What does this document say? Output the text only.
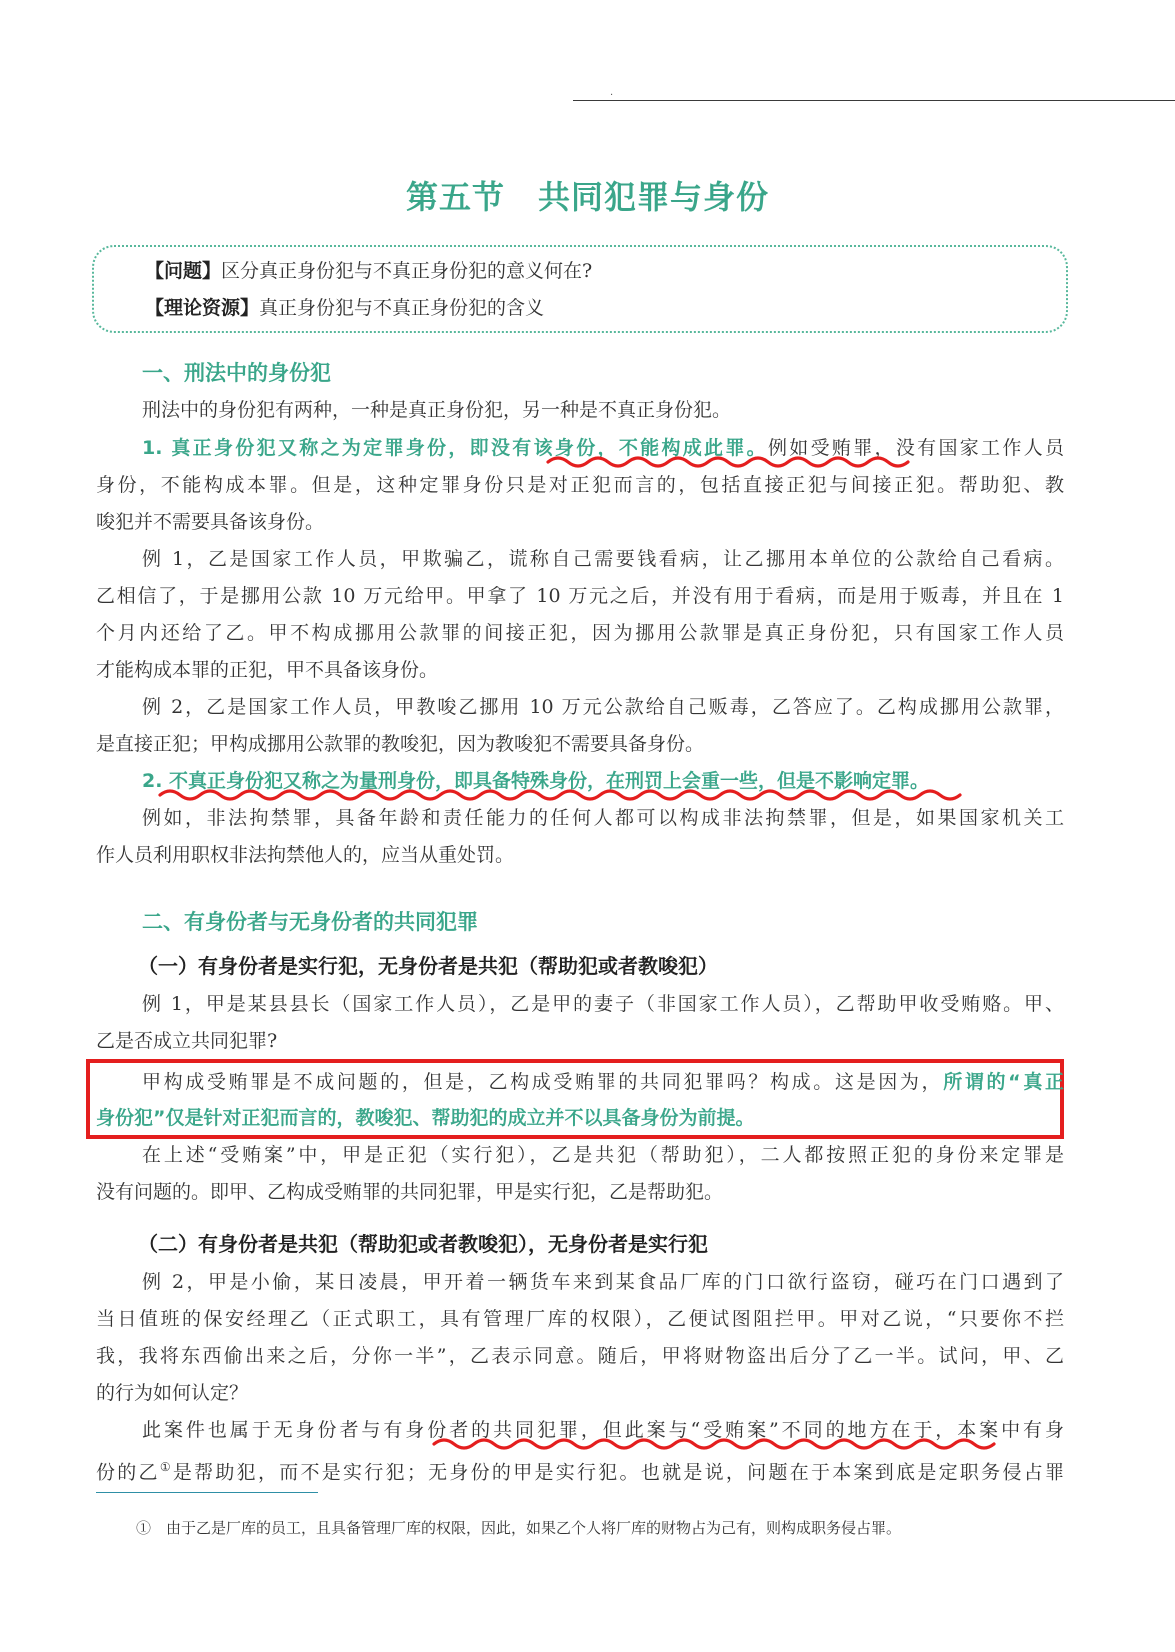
·
第五节　共同犯罪与身份
【问题】区分真正身份犯与不真正身份犯的意义何在?
【理论资源】真正身份犯与不真正身份犯的含义
一、刑法中的身份犯
刑法中的身份犯有两种，一种是真正身份犯，另一种是不真正身份犯。
1. 真正身份犯又称之为定罪身份，即没有该身份，不能构成此罪。例如受贿罪，没有国家工作人员
身份，不能构成本罪。但是，这种定罪身份只是对正犯而言的，包括直接正犯与间接正犯。帮助犯、教
唆犯并不需要具备该身份。
例 1，乙是国家工作人员，甲欺骗乙，谎称自己需要钱看病，让乙挪用本单位的公款给自己看病。
乙相信了，于是挪用公款 10 万元给甲。甲拿了 10 万元之后，并没有用于看病，而是用于贩毒，并且在 1
个月内还给了乙。甲不构成挪用公款罪的间接正犯，因为挪用公款罪是真正身份犯，只有国家工作人员
才能构成本罪的正犯，甲不具备该身份。
例 2，乙是国家工作人员，甲教唆乙挪用 10 万元公款给自己贩毒，乙答应了。乙构成挪用公款罪，
是直接正犯；甲构成挪用公款罪的教唆犯，因为教唆犯不需要具备身份。
2. 不真正身份犯又称之为量刑身份，即具备特殊身份，在刑罚上会重一些，但是不影响定罪。
例如，非法拘禁罪，具备年龄和责任能力的任何人都可以构成非法拘禁罪，但是，如果国家机关工
作人员利用职权非法拘禁他人的，应当从重处罚。
二、有身份者与无身份者的共同犯罪
（一）有身份者是实行犯，无身份者是共犯（帮助犯或者教唆犯）
例 1，甲是某县县长（国家工作人员），乙是甲的妻子（非国家工作人员），乙帮助甲收受贿赂。甲、
乙是否成立共同犯罪?
甲构成受贿罪是不成问题的，但是，乙构成受贿罪的共同犯罪吗？构成。这是因为，所谓的“真正
身份犯”仅是针对正犯而言的，教唆犯、帮助犯的成立并不以具备身份为前提。
在上述“受贿案”中，甲是正犯（实行犯），乙是共犯（帮助犯），二人都按照正犯的身份来定罪是
没有问题的。即甲、乙构成受贿罪的共同犯罪，甲是实行犯，乙是帮助犯。
（二）有身份者是共犯（帮助犯或者教唆犯），无身份者是实行犯
例 2，甲是小偷，某日凌晨，甲开着一辆货车来到某食品厂库的门口欲行盗窃，碰巧在门口遇到了
当日值班的保安经理乙（正式职工，具有管理厂库的权限），乙便试图阻拦甲。甲对乙说，“只要你不拦
我，我将东西偷出来之后，分你一半”，乙表示同意。随后，甲将财物盗出后分了乙一半。试问，甲、乙
的行为如何认定？
此案件也属于无身份者与有身份者的共同犯罪，但此案与“受贿案”不同的地方在于，本案中有身
份的乙①是帮助犯，而不是实行犯；无身份的甲是实行犯。也就是说，问题在于本案到底是定职务侵占罪
①　由于乙是厂库的员工，且具备管理厂库的权限，因此，如果乙个人将厂库的财物占为己有，则构成职务侵占罪。
